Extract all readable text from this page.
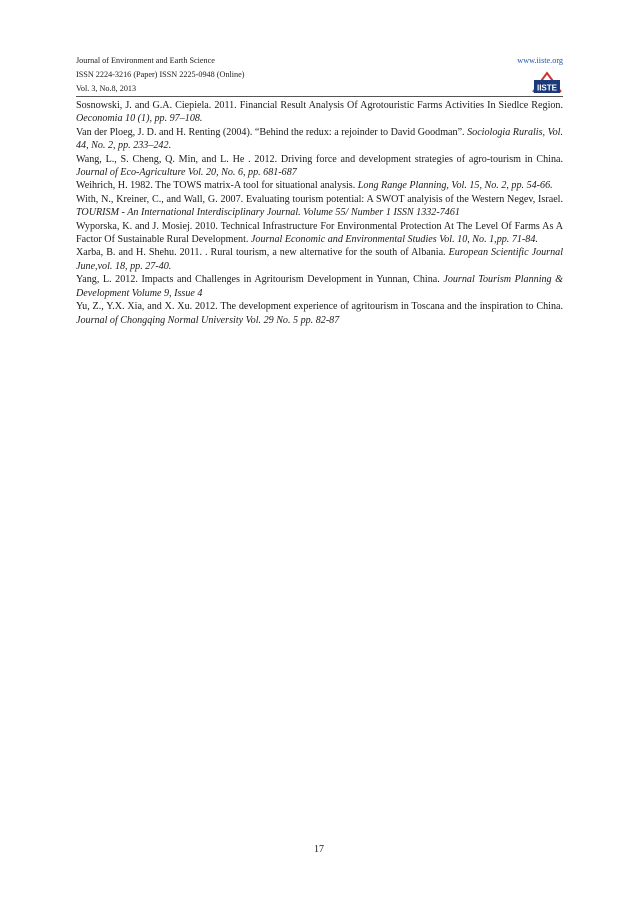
Journal of Environment and Earth Science
ISSN 2224-3216 (Paper) ISSN 2225-0948 (Online)
Vol. 3, No.8, 2013
www.iiste.org
IISTE

Sosnowski, J. and G.A. Ciepiela. 2011. Financial Result Analysis Of Agrotouristic Farms Activities In Siedlce Region. Oeconomia 10 (1), pp. 97–108.

Van der Ploeg, J. D. and H. Renting (2004). “Behind the redux: a rejoinder to David Goodman”. Sociologia Ruralis, Vol. 44, No. 2, pp. 233–242.

Wang, L., S. Cheng, Q. Min, and L. He . 2012. Driving force and development strategies of agro-tourism in China. Journal of Eco-Agriculture Vol. 20, No. 6, pp. 681-687

Weihrich, H. 1982. The TOWS matrix-A tool for situational analysis. Long Range Planning, Vol. 15, No. 2, pp. 54-66.

With, N., Kreiner, C., and Wall, G. 2007. Evaluating tourism potential: A SWOT analyisis of the Western Negev, Israel. TOURISM - An International Interdisciplinary Journal. Volume 55/ Number 1 ISSN 1332-7461

Wyporska, K. and J. Mosiej. 2010. Technical Infrastructure For Environmental Protection At The Level Of Farms As A Factor Of Sustainable Rural Development. Journal Economic and Environmental Studies Vol. 10, No. 1,pp. 71-84.

Xarba, B. and H. Shehu. 2011. . Rural tourism, a new alternative for the south of Albania. European Scientific Journal June,vol. 18, pp. 27-40.

Yang, L. 2012. Impacts and Challenges in Agritourism Development in Yunnan, China. Journal Tourism Planning & Development Volume 9, Issue 4

Yu, Z., Y.X. Xia, and X. Xu. 2012. The development experience of agritourism in Toscana and the inspiration to China. Journal of Chongqing Normal University Vol. 29 No. 5 pp. 82-87

17
